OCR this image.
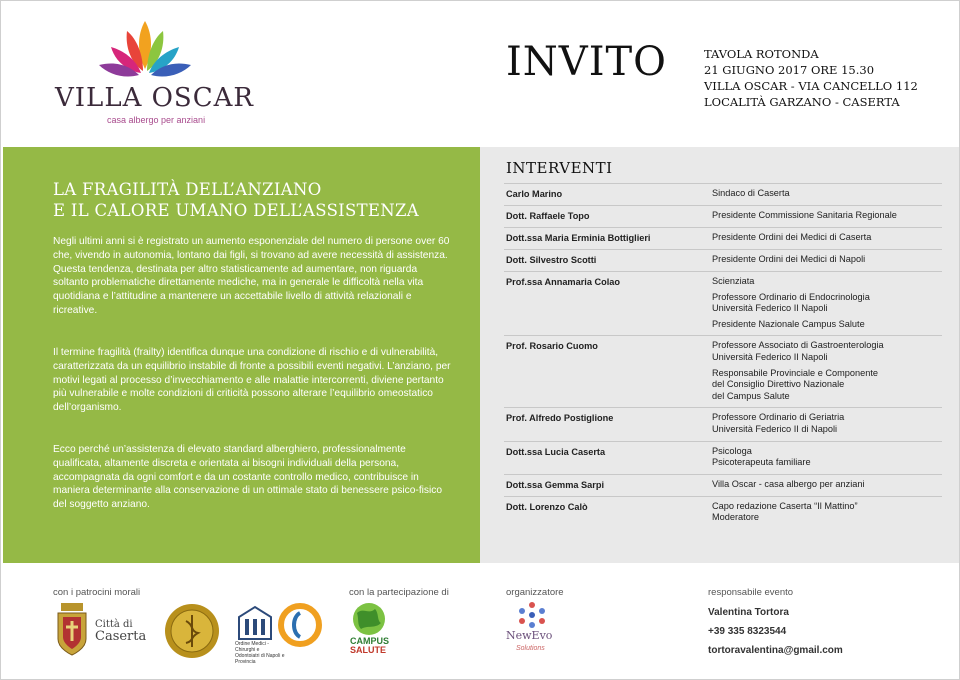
VILLA OSCAR
casa albergo per anziani
INVITO	TAVOLA ROTONDA
21 GIUGNO 2017 ORE 15.30
VILLA OSCAR - VIA CANCELLO 112
LOCALITÀ GARZANO - CASERTA
LA FRAGILITÀ DELL’ANZIANO
E IL CALORE UMANO DELL’ASSISTENZA

Negli ultimi anni si è registrato un aumento esponenziale del numero di persone over 60 che, vivendo in autonomia, lontano dai figli, si trovano ad avere necessità di assistenza. Questa tendenza, destinata per altro statisticamente ad aumentare, non riguarda soltanto problematiche direttamente mediche, ma in generale le difficoltà nella vita quotidiana e l’attitudine a mantenere un accettabile livello di attività relazionali e ricreative.

Il termine fragilità (frailty) identifica dunque una condizione di rischio e di vulnerabilità, caratterizzata da un equilibrio instabile di fronte a possibili eventi negativi. L’anziano, per motivi legati al processo d’invecchiamento e alle malattie intercorrenti, diviene pertanto più vulnerabile e molte condizioni di criticità possono alterare l’equilibrio omeostatico dell’organismo.

Ecco perché un’assistenza di elevato standard alberghiero, professionalmente qualificata, altamente discreta e orientata ai bisogni individuali della persona, accompagnata da ogni comfort e da un costante controllo medico, contribuisce in maniera determinante alla conservazione di un ottimale stato di benessere psico-fisico del soggetto anziano.

INTERVENTI
Carlo Marino	Sindaco di Caserta
Dott. Raffaele Topo	Presidente Commissione Sanitaria Regionale
Dott.ssa Maria Erminia Bottiglieri	Presidente Ordini dei Medici di Caserta
Dott. Silvestro Scotti	Presidente Ordini dei Medici di Napoli
Prof.ssa Annamaria Colao	Scienziata
Professore Ordinario di Endocrinologia
Università Federico II Napoli
Presidente Nazionale Campus Salute
Prof. Rosario Cuomo	Professore Associato di Gastroenterologia
Università Federico II Napoli
Responsabile Provinciale e Componente
del Consiglio Direttivo Nazionale
del Campus Salute
Prof. Alfredo Postiglione	Professore Ordinario di Geriatria
Università Federico II di Napoli
Dott.ssa Lucia Caserta	Psicologa
Psicoterapeuta familiare
Dott.ssa Gemma Sarpi	Villa Oscar - casa albergo per anziani
Dott. Lorenzo Calò	Capo redazione Caserta “Il Mattino”
Moderatore
con i patrocini morali	con la partecipazione di	organizzatore	responsabile evento
Città di
Caserta	Ordine Medici - Chirurghi e Odontoiatri di Napoli e Provincia
CAMPUS
SALUTE
NewEvo
Solutions
Valentina Tortora
+39 335 8323544
tortoravalentina@gmail.com
